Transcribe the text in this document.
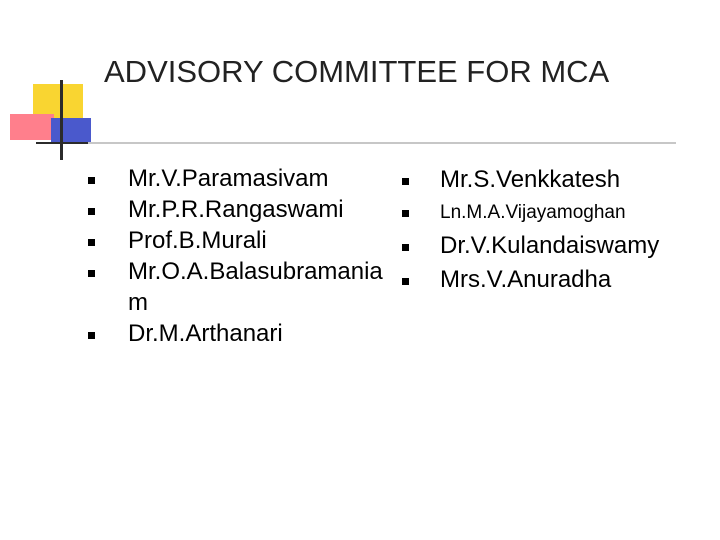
ADVISORY COMMITTEE FOR MCA
Mr.V.Paramasivam
Mr.P.R.Rangaswami
Prof.B.Murali
Mr.O.A.Balasubramaniam
Dr.M.Arthanari
Mr.S.Venkkatesh
Ln.M.A.Vijayamoghan
Dr.V.Kulandaiswamy
Mrs.V.Anuradha
